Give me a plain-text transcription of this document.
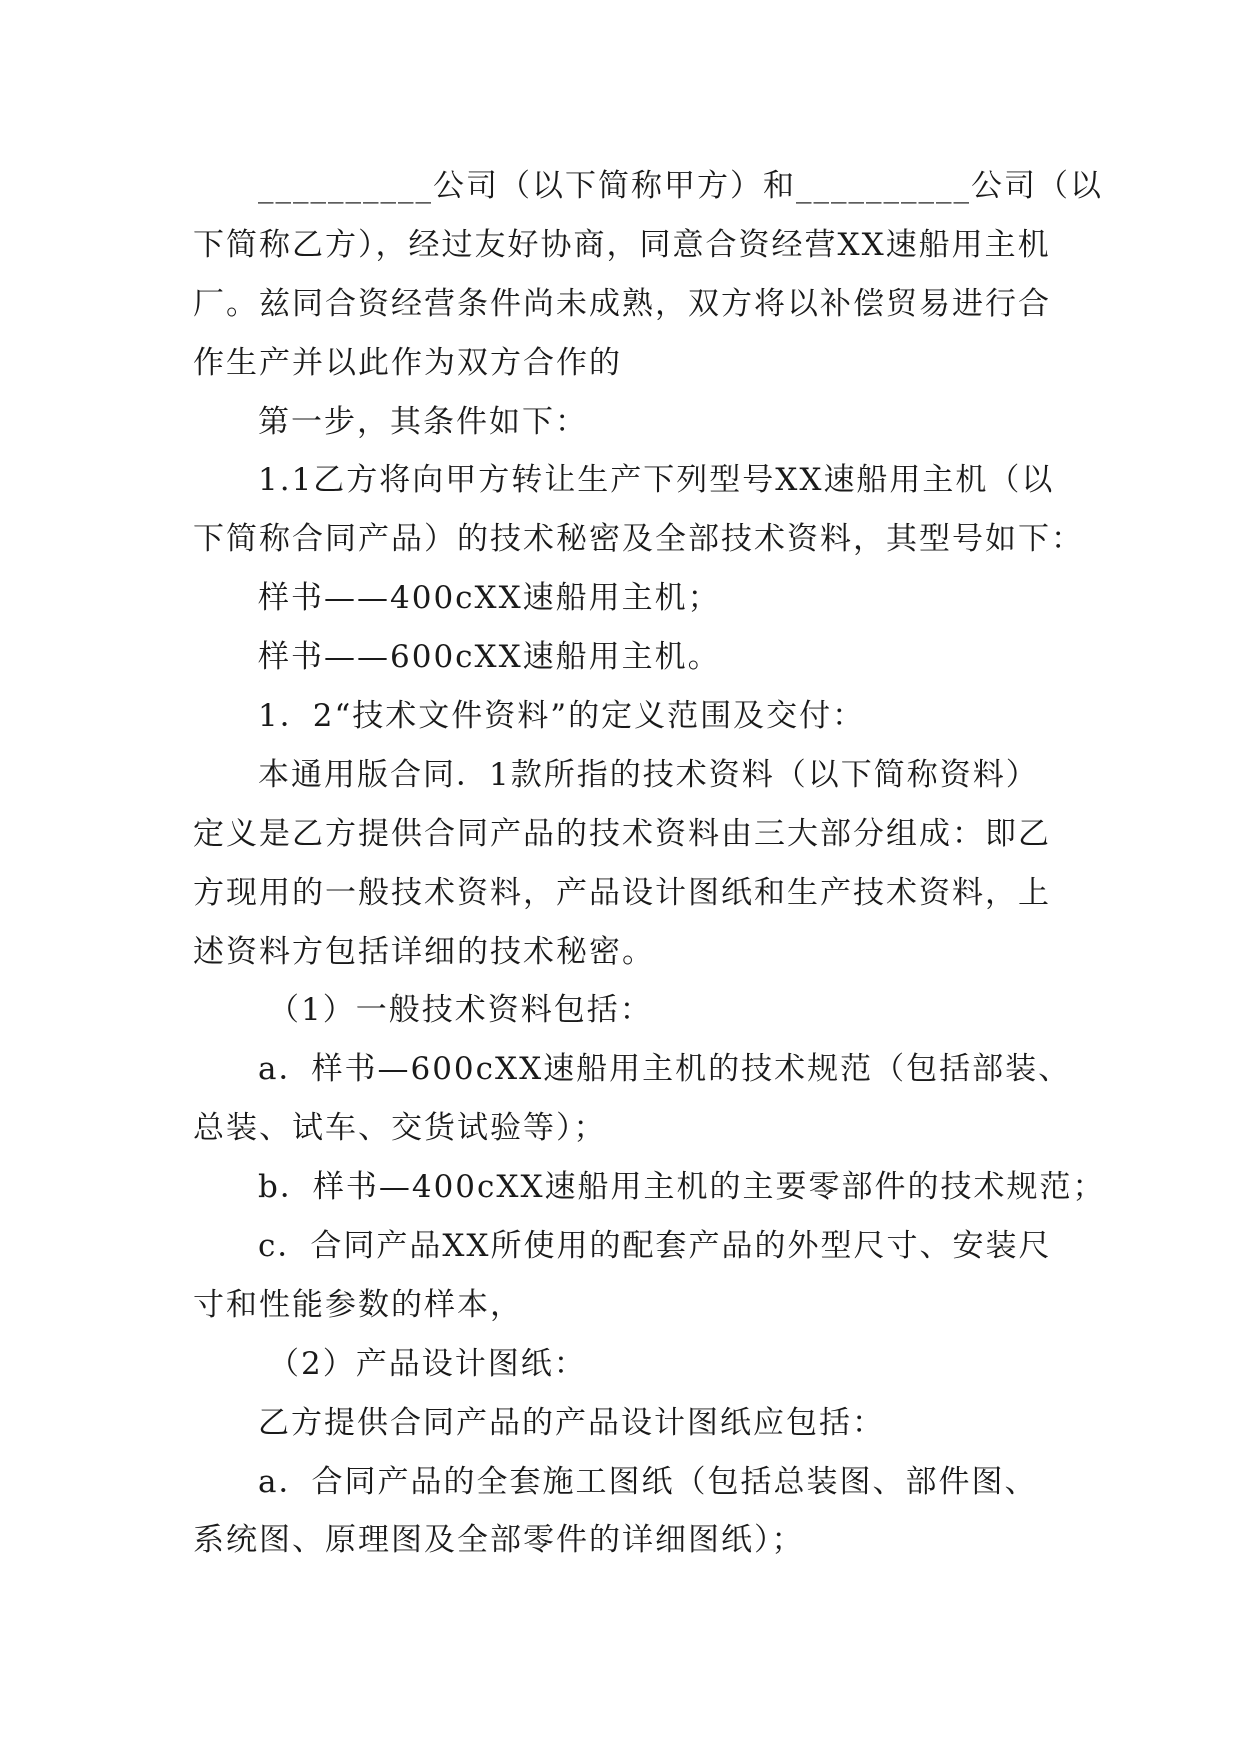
__________公司（以下简称甲方）和__________公司（以

下简称乙方），经过友好协商，同意合资经营XX速船用主机

厂。兹同合资经营条件尚未成熟，双方将以补偿贸易进行合

作生产并以此作为双方合作的

第一步，其条件如下：

1.1乙方将向甲方转让生产下列型号XX速船用主机（以

下简称合同产品）的技术秘密及全部技术资料，其型号如下：

样书——400cXX速船用主机；

样书——600cXX速船用主机。

1．2“技术文件资料”的定义范围及交付：

本通用版合同．1款所指的技术资料（以下简称资料）

定义是乙方提供合同产品的技术资料由三大部分组成：即乙

方现用的一般技术资料，产品设计图纸和生产技术资料，上

述资料方包括详细的技术秘密。

（1）一般技术资料包括：

a．样书—600cXX速船用主机的技术规范（包括部装、

总装、试车、交货试验等）；

b．样书—400cXX速船用主机的主要零部件的技术规范；

c．合同产品XX所使用的配套产品的外型尺寸、安装尺

寸和性能参数的样本，

（2）产品设计图纸：

乙方提供合同产品的产品设计图纸应包括：

a．合同产品的全套施工图纸（包括总装图、部件图、

系统图、原理图及全部零件的详细图纸）；
